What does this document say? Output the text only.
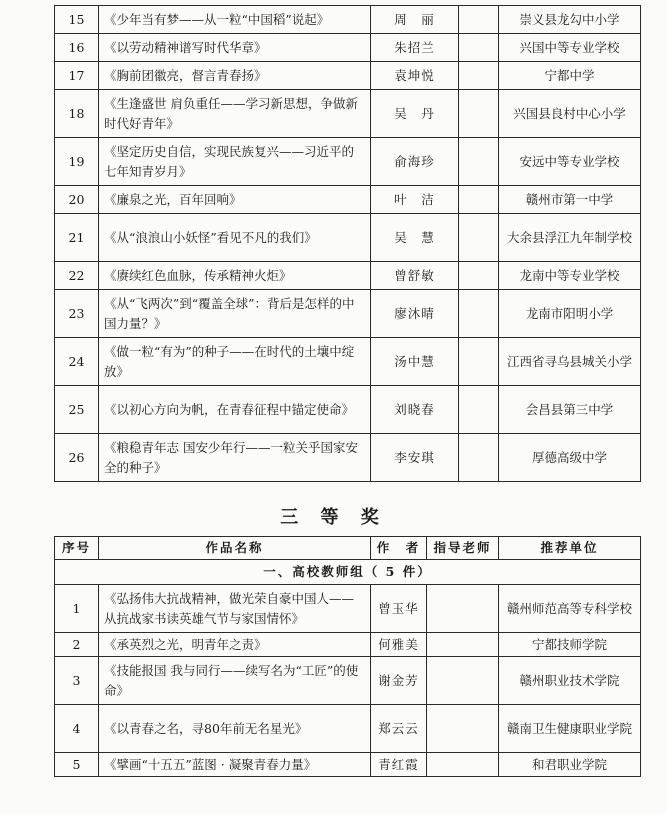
15	《少年当有梦——从一粒“中国稻”说起》	周　丽		崇义县龙勾中小学
16	《以劳动精神谱写时代华章》	朱招兰		兴国中等专业学校
17	《胸前团徽亮，督言青春扬》	袁坤悦		宁都中学
18	《生逢盛世 肩负重任——学习新思想，争做新时代好青年》	吴　丹		兴国县良村中心小学
19	《坚定历史自信，实现民族复兴——习近平的七年知青岁月》	俞海珍		安远中等专业学校
20	《廉泉之光，百年回响》	叶　洁		赣州市第一中学
21	《从“浪浪山小妖怪”看见不凡的我们》	吴　慧		大余县浮江九年制学校
22	《赓续红色血脉，传承精神火炬》	曾舒敏		龙南中等专业学校
23	《从“飞两次”到“覆盖全球”：背后是怎样的中国力量？》	廖沐晴		龙南市阳明小学
24	《做一粒“有为”的种子——在时代的土壤中绽放》	汤中慧		江西省寻乌县城关小学
25	《以初心方向为帆，在青春征程中锚定使命》	刘晓春		会昌县第三中学
26	《粮稳青年志 国安少年行——一粒关乎国家安全的种子》	李安琪		厚德高级中学
三 等 奖
序号	作品名称	作　者	指导老师	推荐单位
一、高校教师组（ 5 件）				
1	《弘扬伟大抗战精神，做光荣自豪中国人——从抗战家书读英雄气节与家国情怀》	曾玉华		赣州师范高等专科学校
2	《承英烈之光，明青年之责》	何雅美		宁都技师学院
3	《技能报国 我与同行——续写名为“工匠”的使命》	谢金芳		赣州职业技术学院
4	《以青春之名，寻80年前无名星光》	郑云云		赣南卫生健康职业学院
5	《擘画“十五五”蓝图 · 凝聚青春力量》	青红霞		和君职业学院
